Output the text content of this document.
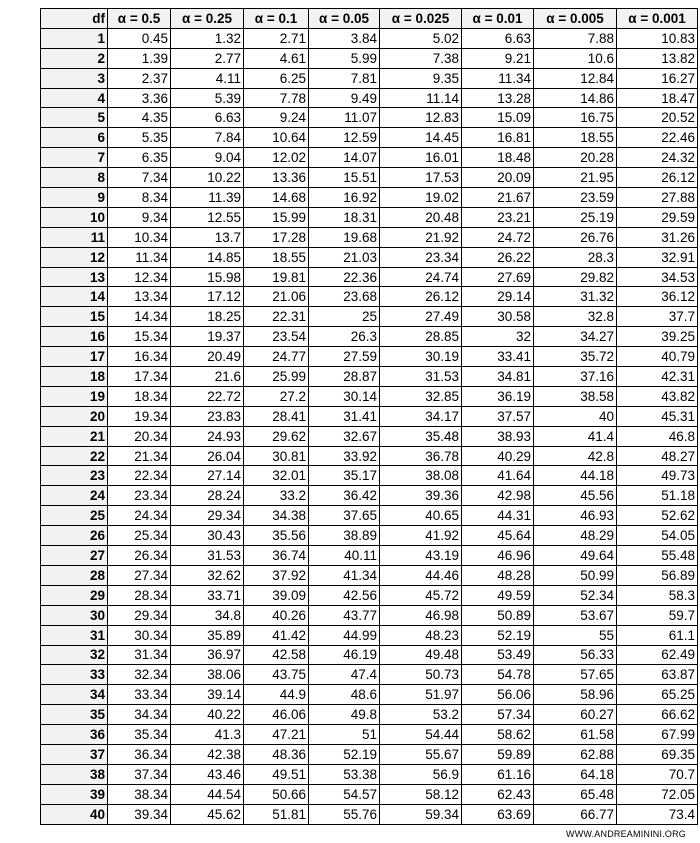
df	α = 0.5	α = 0.25	α = 0.1	α = 0.05	α = 0.025	α = 0.01	α = 0.005	α = 0.001
1	0.45	1.32	2.71	3.84	5.02	6.63	7.88	10.83
2	1.39	2.77	4.61	5.99	7.38	9.21	10.6	13.82
3	2.37	4.11	6.25	7.81	9.35	11.34	12.84	16.27
4	3.36	5.39	7.78	9.49	11.14	13.28	14.86	18.47
5	4.35	6.63	9.24	11.07	12.83	15.09	16.75	20.52
6	5.35	7.84	10.64	12.59	14.45	16.81	18.55	22.46
7	6.35	9.04	12.02	14.07	16.01	18.48	20.28	24.32
8	7.34	10.22	13.36	15.51	17.53	20.09	21.95	26.12
9	8.34	11.39	14.68	16.92	19.02	21.67	23.59	27.88
10	9.34	12.55	15.99	18.31	20.48	23.21	25.19	29.59
11	10.34	13.7	17.28	19.68	21.92	24.72	26.76	31.26
12	11.34	14.85	18.55	21.03	23.34	26.22	28.3	32.91
13	12.34	15.98	19.81	22.36	24.74	27.69	29.82	34.53
14	13.34	17.12	21.06	23.68	26.12	29.14	31.32	36.12
15	14.34	18.25	22.31	25	27.49	30.58	32.8	37.7
16	15.34	19.37	23.54	26.3	28.85	32	34.27	39.25
17	16.34	20.49	24.77	27.59	30.19	33.41	35.72	40.79
18	17.34	21.6	25.99	28.87	31.53	34.81	37.16	42.31
19	18.34	22.72	27.2	30.14	32.85	36.19	38.58	43.82
20	19.34	23.83	28.41	31.41	34.17	37.57	40	45.31
21	20.34	24.93	29.62	32.67	35.48	38.93	41.4	46.8
22	21.34	26.04	30.81	33.92	36.78	40.29	42.8	48.27
23	22.34	27.14	32.01	35.17	38.08	41.64	44.18	49.73
24	23.34	28.24	33.2	36.42	39.36	42.98	45.56	51.18
25	24.34	29.34	34.38	37.65	40.65	44.31	46.93	52.62
26	25.34	30.43	35.56	38.89	41.92	45.64	48.29	54.05
27	26.34	31.53	36.74	40.11	43.19	46.96	49.64	55.48
28	27.34	32.62	37.92	41.34	44.46	48.28	50.99	56.89
29	28.34	33.71	39.09	42.56	45.72	49.59	52.34	58.3
30	29.34	34.8	40.26	43.77	46.98	50.89	53.67	59.7
31	30.34	35.89	41.42	44.99	48.23	52.19	55	61.1
32	31.34	36.97	42.58	46.19	49.48	53.49	56.33	62.49
33	32.34	38.06	43.75	47.4	50.73	54.78	57.65	63.87
34	33.34	39.14	44.9	48.6	51.97	56.06	58.96	65.25
35	34.34	40.22	46.06	49.8	53.2	57.34	60.27	66.62
36	35.34	41.3	47.21	51	54.44	58.62	61.58	67.99
37	36.34	42.38	48.36	52.19	55.67	59.89	62.88	69.35
38	37.34	43.46	49.51	53.38	56.9	61.16	64.18	70.7
39	38.34	44.54	50.66	54.57	58.12	62.43	65.48	72.05
40	39.34	45.62	51.81	55.76	59.34	63.69	66.77	73.4
WWW.ANDREAMININI.ORG
